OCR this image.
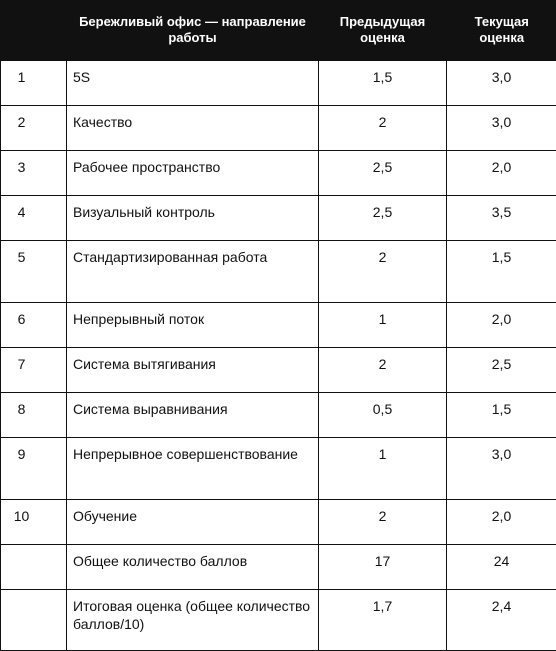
	Бережливый офис — направление работы	Предыдущая оценка	Текущая оценка
1	5S	1,5	3,0
2	Качество	2	3,0
3	Рабочее пространство	2,5	2,0
4	Визуальный контроль	2,5	3,5
5	Стандартизированная работа	2	1,5
6	Непрерывный поток	1	2,0
7	Система вытягивания	2	2,5
8	Система выравнивания	0,5	1,5
9	Непрерывное совершенствование	1	3,0
10	Обучение	2	2,0
	Общее количество баллов	17	24
	Итоговая оценка (общее количество баллов/10)	1,7	2,4
